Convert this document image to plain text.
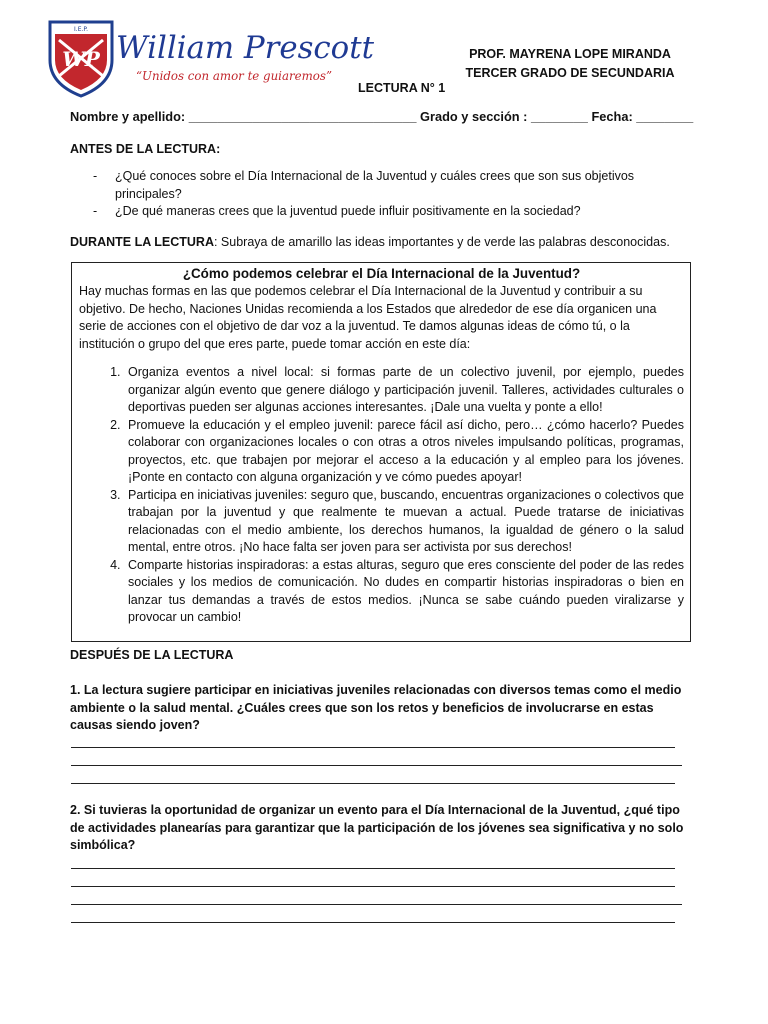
I.E.P.
WP William Prescott
“Unidos con amor te guiaremos”
PROF. MAYRENA LOPE MIRANDA
TERCER GRADO DE SECUNDARIA
LECTURA N° 1
Nombre y apellido: ________________________________ Grado y sección : ________ Fecha: ________
ANTES DE LA LECTURA:
- ¿Qué conoces sobre el Día Internacional de la Juventud y cuáles crees que son sus objetivos principales?
- ¿De qué maneras crees que la juventud puede influir positivamente en la sociedad?
DURANTE LA LECTURA: Subraya de amarillo las ideas importantes y de verde las palabras desconocidas.
¿Cómo podemos celebrar el Día Internacional de la Juventud?

Hay muchas formas en las que podemos celebrar el Día Internacional de la Juventud y contribuir a su objetivo. De hecho, Naciones Unidas recomienda a los Estados que alrededor de ese día organicen una serie de acciones con el objetivo de dar voz a la juventud. Te damos algunas ideas de cómo tú, o la institución o grupo del que eres parte, puede tomar acción en este día:

1. Organiza eventos a nivel local: si formas parte de un colectivo juvenil, por ejemplo, puedes organizar algún evento que genere diálogo y participación juvenil. Talleres, actividades culturales o deportivas pueden ser algunas acciones interesantes. ¡Dale una vuelta y ponte a ello!
2. Promueve la educación y el empleo juvenil: parece fácil así dicho, pero… ¿cómo hacerlo? Puedes colaborar con organizaciones locales o con otras a otros niveles impulsando políticas, programas, proyectos, etc. que trabajen por mejorar el acceso a la educación y al empleo para los jóvenes. ¡Ponte en contacto con alguna organización y ve cómo puedes apoyar!
3. Participa en iniciativas juveniles: seguro que, buscando, encuentras organizaciones o colectivos que trabajan por la juventud y que realmente te muevan a actual. Puede tratarse de iniciativas relacionadas con el medio ambiente, los derechos humanos, la igualdad de género o la salud mental, entre otros. ¡No hace falta ser joven para ser activista por sus derechos!
4. Comparte historias inspiradoras: a estas alturas, seguro que eres consciente del poder de las redes sociales y los medios de comunicación. No dudes en compartir historias inspiradoras o bien en lanzar tus demandas a través de estos medios. ¡Nunca se sabe cuándo pueden viralizarse y provocar un cambio!
DESPUÉS DE LA LECTURA
1. La lectura sugiere participar en iniciativas juveniles relacionadas con diversos temas como el medio ambiente o la salud mental. ¿Cuáles crees que son los retos y beneficios de involucrarse en estas causas siendo joven?
2. Si tuvieras la oportunidad de organizar un evento para el Día Internacional de la Juventud, ¿qué tipo de actividades planearías para garantizar que la participación de los jóvenes sea significativa y no solo simbólica?
